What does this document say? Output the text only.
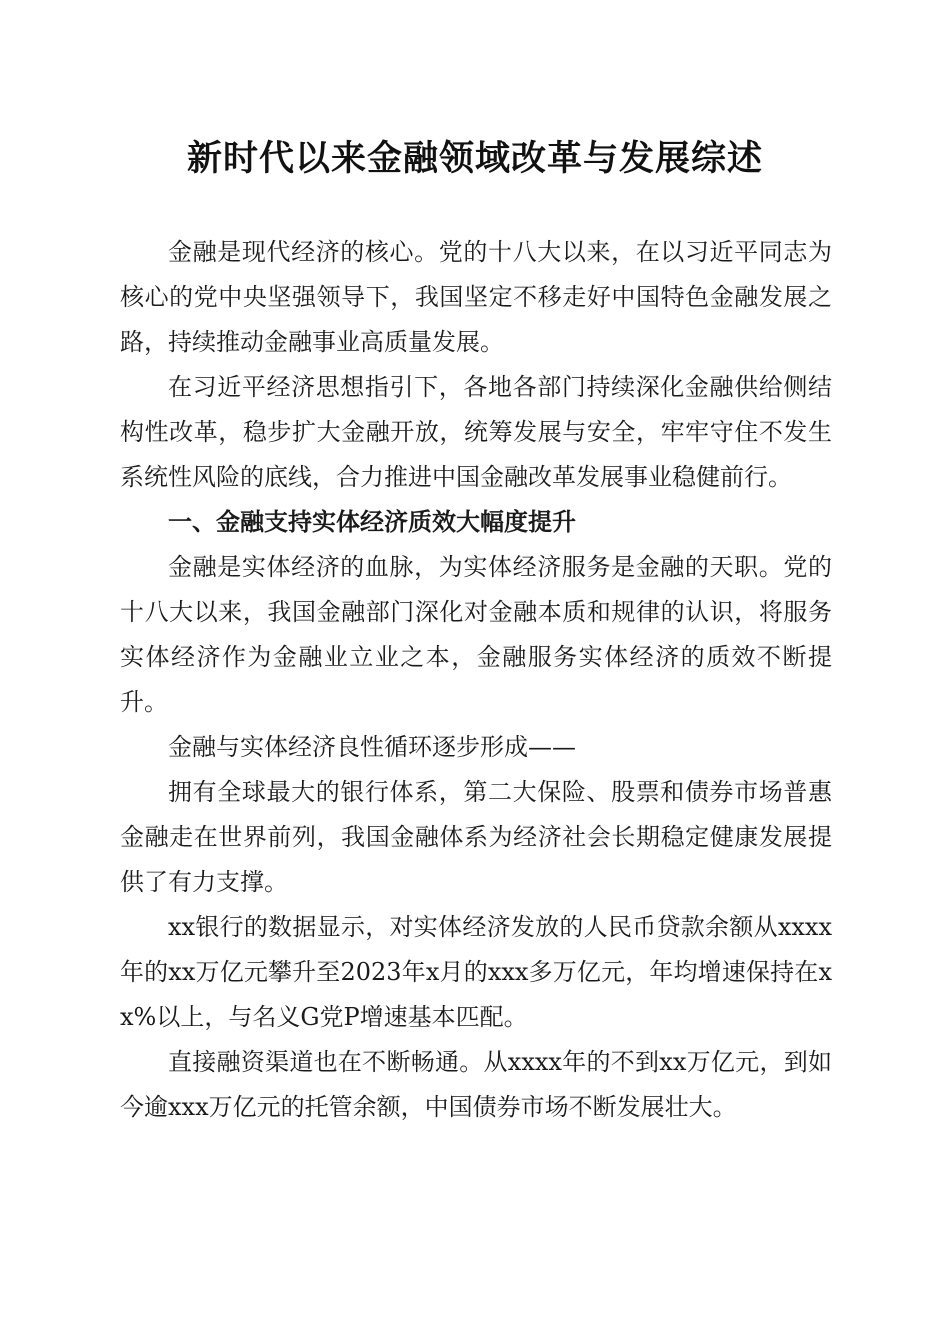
新时代以来金融领域改革与发展综述

金融是现代经济的核心。党的十八大以来，在以习近平同志为核心的党中央坚强领导下，我国坚定不移走好中国特色金融发展之路，持续推动金融事业高质量发展。

在习近平经济思想指引下，各地各部门持续深化金融供给侧结构性改革，稳步扩大金融开放，统筹发展与安全，牢牢守住不发生系统性风险的底线，合力推进中国金融改革发展事业稳健前行。

一、金融支持实体经济质效大幅度提升

金融是实体经济的血脉，为实体经济服务是金融的天职。党的十八大以来，我国金融部门深化对金融本质和规律的认识，将服务实体经济作为金融业立业之本，金融服务实体经济的质效不断提升。

金融与实体经济良性循环逐步形成——

拥有全球最大的银行体系，第二大保险、股票和债券市场普惠金融走在世界前列，我国金融体系为经济社会长期稳定健康发展提供了有力支撑。

xx银行的数据显示，对实体经济发放的人民币贷款余额从xxxx年的xx万亿元攀升至2023年x月的xxx多万亿元，年均增速保持在xx%以上，与名义G党P增速基本匹配。

直接融资渠道也在不断畅通。从xxxx年的不到xx万亿元，到如今逾xxx万亿元的托管余额，中国债券市场不断发展壮大。
